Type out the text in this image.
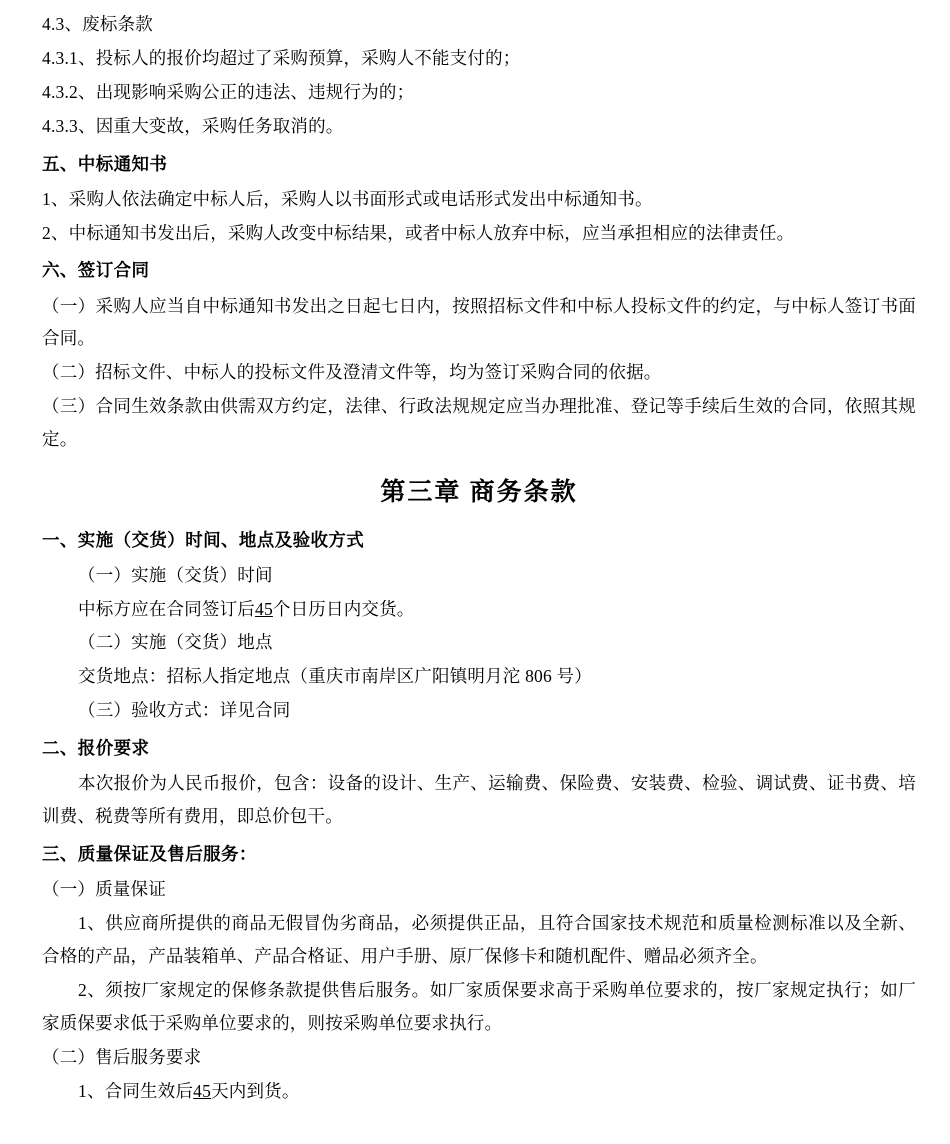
4.3、废标条款

4.3.1、投标人的报价均超过了采购预算，采购人不能支付的；

4.3.2、出现影响采购公正的违法、违规行为的；

4.3.3、因重大变故，采购任务取消的。

五、中标通知书

1、采购人依法确定中标人后，采购人以书面形式或电话形式发出中标通知书。

2、中标通知书发出后，采购人改变中标结果，或者中标人放弃中标，应当承担相应的法律责任。

六、签订合同

（一）采购人应当自中标通知书发出之日起七日内，按照招标文件和中标人投标文件的约定，与中标人签订书面合同。

（二）招标文件、中标人的投标文件及澄清文件等，均为签订采购合同的依据。

（三）合同生效条款由供需双方约定，法律、行政法规规定应当办理批准、登记等手续后生效的合同，依照其规定。

第三章 商务条款

一、实施（交货）时间、地点及验收方式

（一）实施（交货）时间

中标方应在合同签订后45个日历日内交货。

（二）实施（交货）地点

交货地点：招标人指定地点（重庆市南岸区广阳镇明月沱 806 号）

（三）验收方式：详见合同

二、报价要求

本次报价为人民币报价，包含：设备的设计、生产、运输费、保险费、安装费、检验、调试费、证书费、培训费、税费等所有费用，即总价包干。

三、质量保证及售后服务：

（一）质量保证

1、供应商所提供的商品无假冒伪劣商品，必须提供正品，且符合国家技术规范和质量检测标准以及全新、合格的产品，产品装箱单、产品合格证、用户手册、原厂保修卡和随机配件、赠品必须齐全。

2、须按厂家规定的保修条款提供售后服务。如厂家质保要求高于采购单位要求的，按厂家规定执行；如厂家质保要求低于采购单位要求的，则按采购单位要求执行。

（二）售后服务要求

1、合同生效后45天内到货。
